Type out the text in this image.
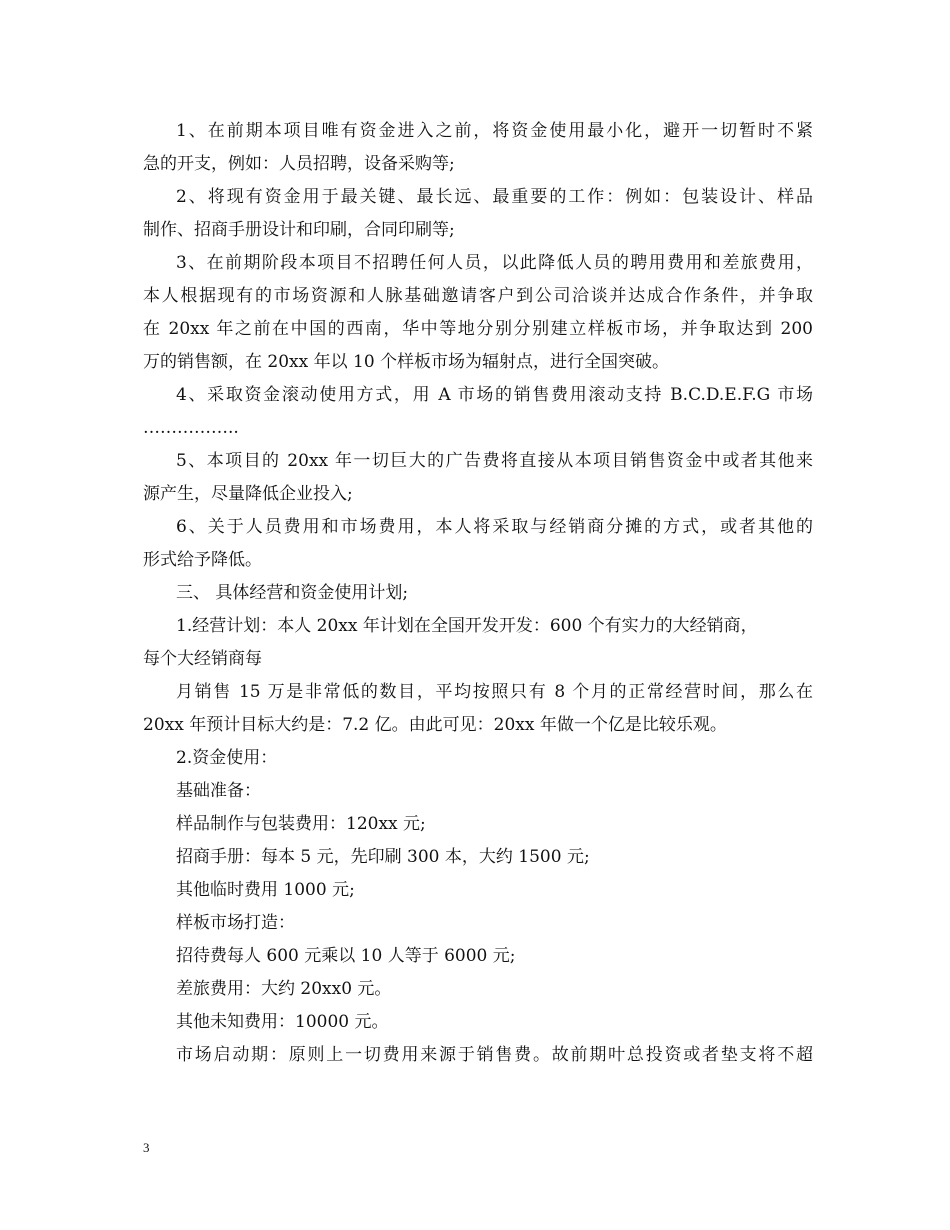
1、在前期本项目唯有资金进入之前，将资金使用最小化，避开一切暂时不紧
急的开支，例如：人员招聘，设备采购等;
2、将现有资金用于最关键、最长远、最重要的工作：例如：包装设计、样品
制作、招商手册设计和印刷，合同印刷等;
3、在前期阶段本项目不招聘任何人员，以此降低人员的聘用费用和差旅费用，
本人根据现有的市场资源和人脉基础邀请客户到公司洽谈并达成合作条件，并争取
在 20xx 年之前在中国的西南，华中等地分别分别建立样板市场，并争取达到 200
万的销售额，在 20xx 年以 10 个样板市场为辐射点，进行全国突破。
4、采取资金滚动使用方式，用 A 市场的销售费用滚动支持 B.C.D.E.F.G 市场
……………..
5、本项目的 20xx 年一切巨大的广告费将直接从本项目销售资金中或者其他来
源产生，尽量降低企业投入;
6、关于人员费用和市场费用，本人将采取与经销商分摊的方式，或者其他的
形式给予降低。
三、 具体经营和资金使用计划;
1.经营计划：本人 20xx 年计划在全国开发开发：600 个有实力的大经销商，
每个大经销商每
月销售 15 万是非常低的数目，平均按照只有 8 个月的正常经营时间，那么在
20xx 年预计目标大约是：7.2 亿。由此可见：20xx 年做一个亿是比较乐观。
2.资金使用：
基础准备：
样品制作与包装费用：120xx 元;
招商手册：每本 5 元，先印刷 300 本，大约 1500 元;
其他临时费用 1000 元;
样板市场打造：
招待费每人 600 元乘以 10 人等于 6000 元;
差旅费用：大约 20xx0 元。
其他未知费用：10000 元。
市场启动期：原则上一切费用来源于销售费。故前期叶总投资或者垫支将不超
3
